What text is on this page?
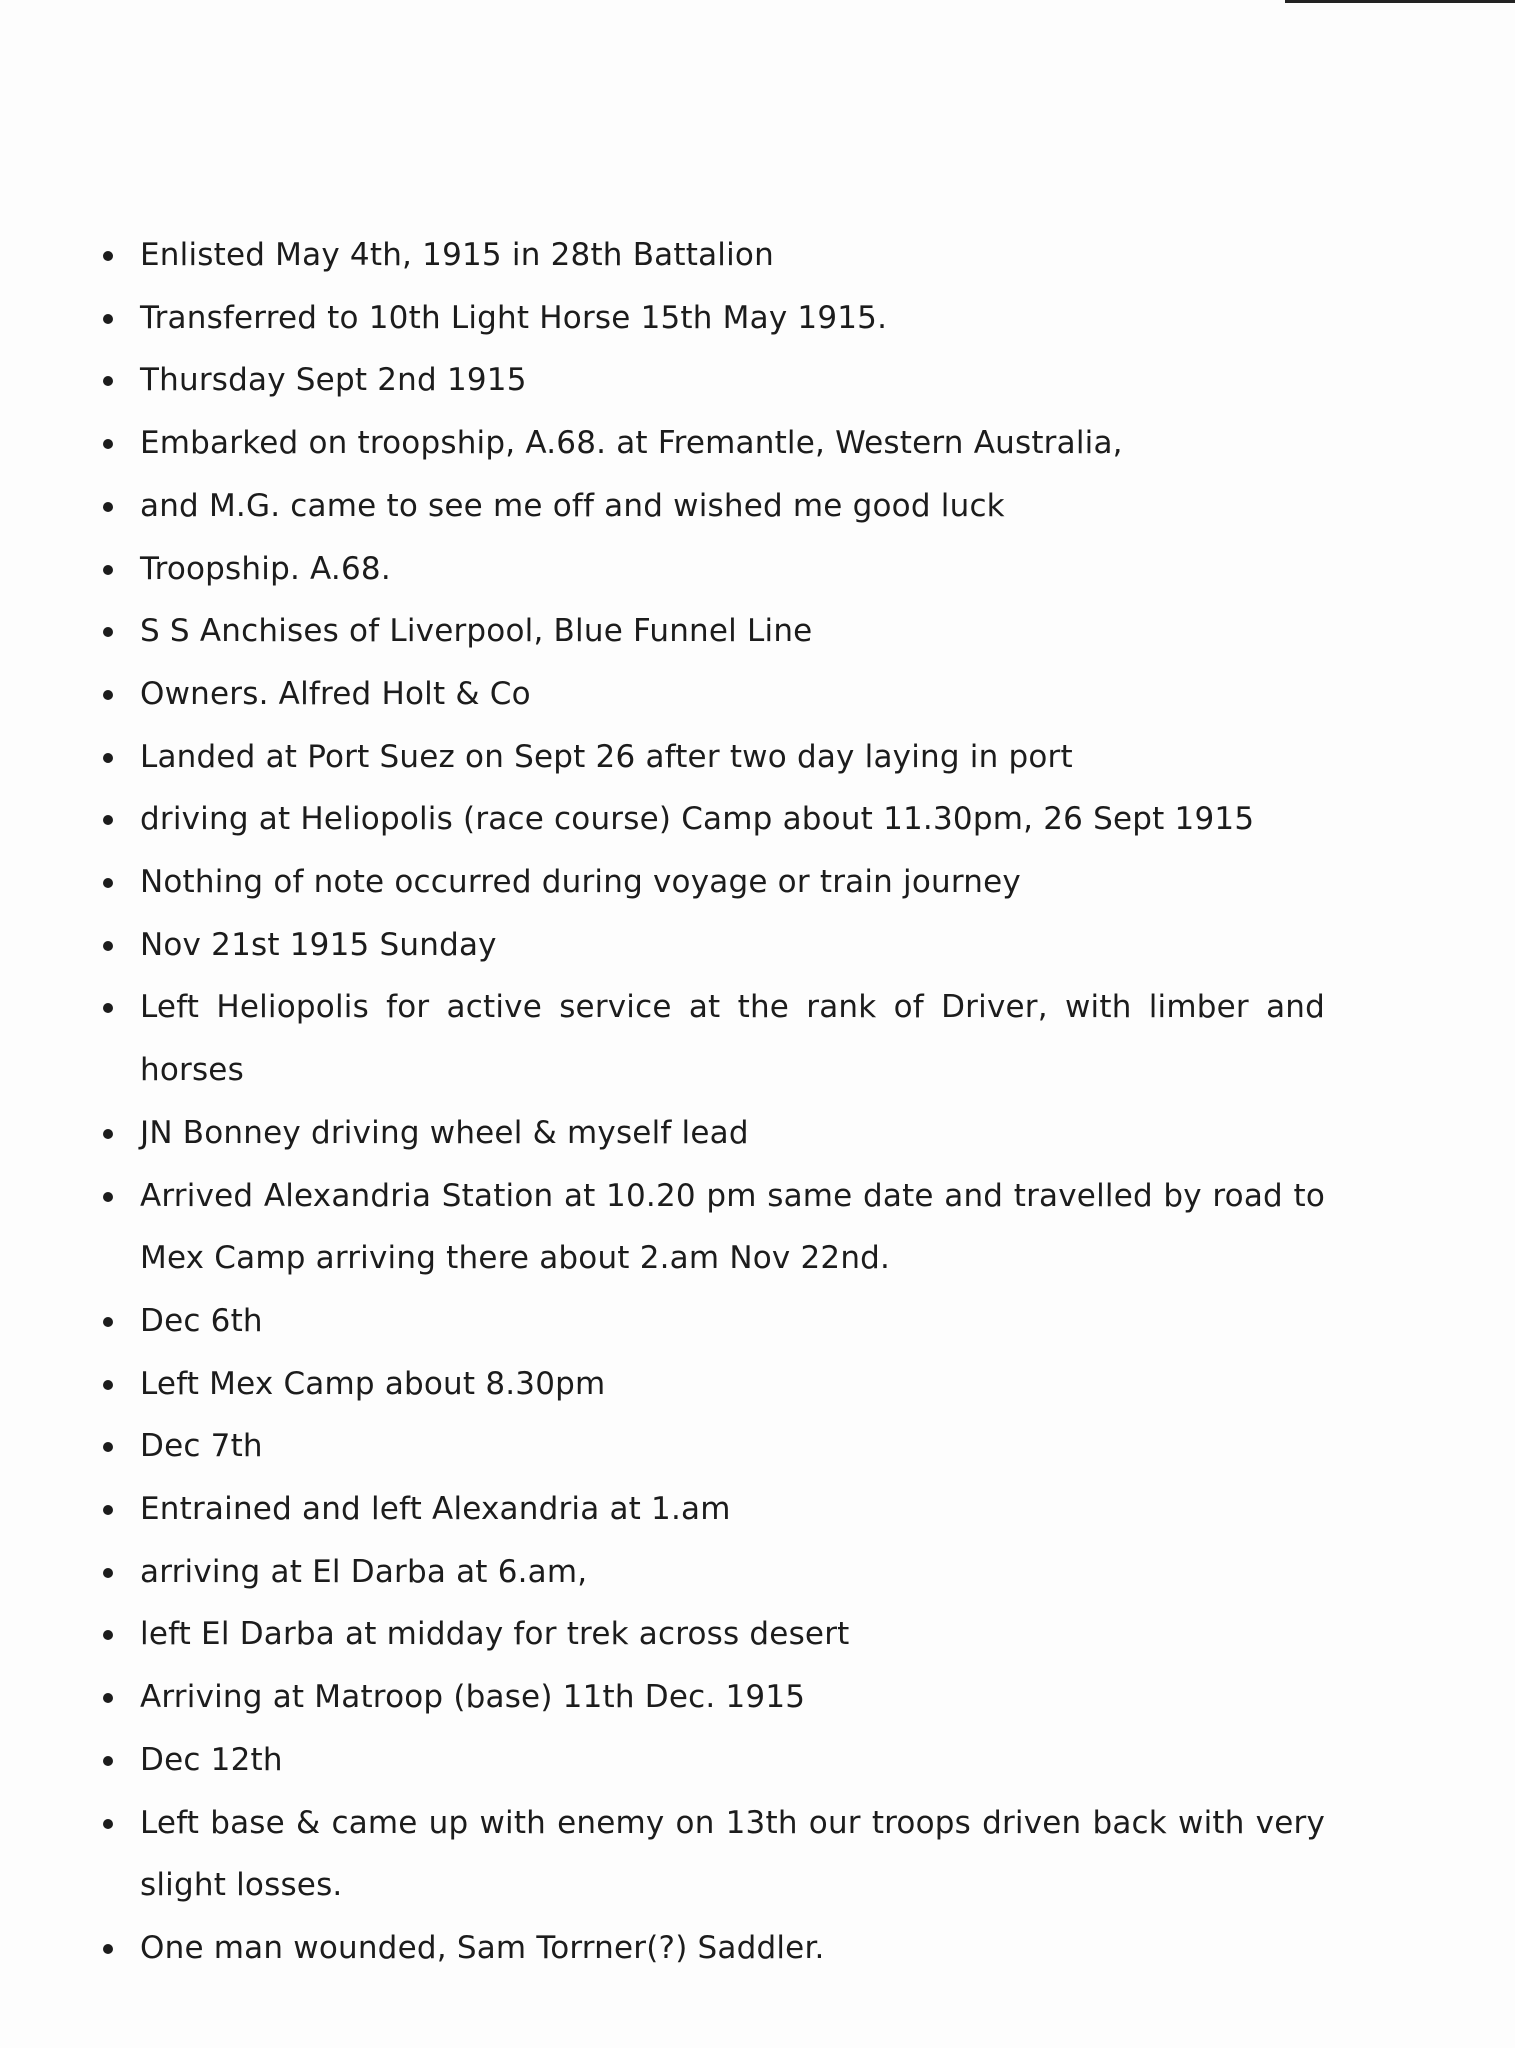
Enlisted May 4th, 1915 in 28th Battalion
Transferred to 10th Light Horse 15th May 1915.
Thursday Sept 2nd 1915
Embarked on troopship, A.68. at Fremantle, Western Australia,
and M.G. came to see me off and wished me good luck
Troopship. A.68.
S S Anchises of Liverpool, Blue Funnel Line
Owners. Alfred Holt & Co
Landed at Port Suez on Sept 26 after two day laying in port
driving at Heliopolis (race course) Camp about 11.30pm, 26 Sept 1915
Nothing of note occurred during voyage or train journey
Nov 21st 1915 Sunday
Left Heliopolis for active service at the rank of Driver, with limber and horses
JN Bonney driving wheel & myself lead
Arrived Alexandria Station at 10.20 pm same date and travelled by road to Mex Camp arriving there about 2.am Nov 22nd.
Dec 6th
Left Mex Camp about 8.30pm
Dec 7th
Entrained and left Alexandria at 1.am
arriving at El Darba at 6.am,
left El Darba at midday for trek across desert
Arriving at Matroop (base) 11th Dec. 1915
Dec 12th
Left base & came up with enemy on 13th our troops driven back with very slight losses.
One man wounded, Sam Torrner(?) Saddler.
